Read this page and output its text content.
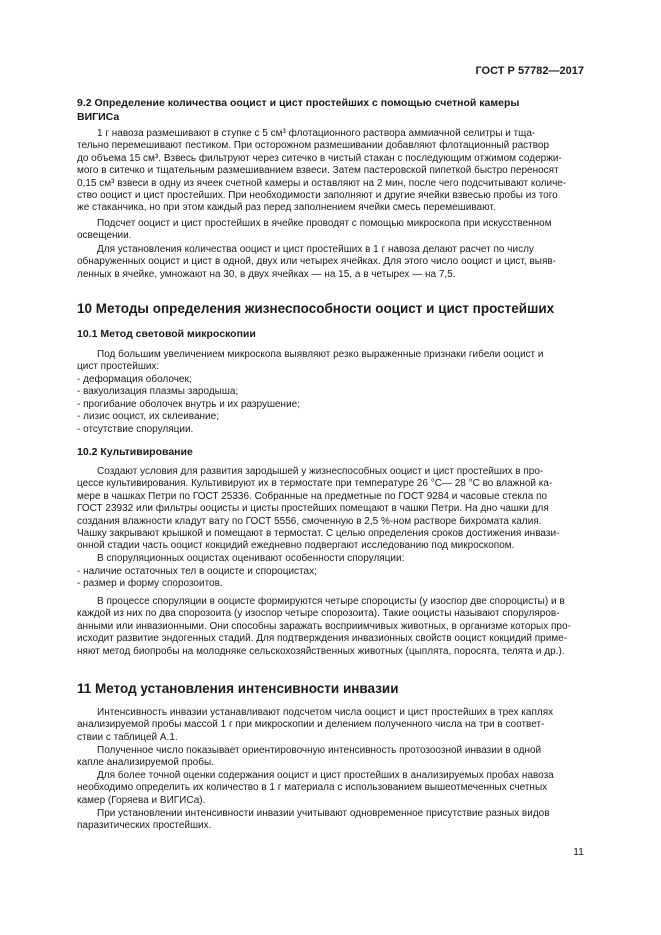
ГОСТ Р 57782—2017

9.2 Определение количества ооцист и цист простейших с помощью счетной камеры

ВИГИСа

1 г навоза размешивают в ступке с 5 см³ флотационного раствора аммиачной селитры и тща-
тельно перемешивают пестиком. При осторожном размешивании добавляют флотационный раствор
до объема 15 см³. Взвесь фильтруют через ситечко в чистый стакан с последующим отжимом содержи-
мого в ситечко и тщательным размешиванием взвеси. Затем пастеровской пипеткой быстро переносят
0,15 см³ взвеси в одну из ячеек счетной камеры и оставляют на 2 мин, после чего подсчитывают количе-
ство ооцист и цист простейших. При необходимости заполняют и другие ячейки взвесью пробы из того
же стаканчика, но при этом каждый раз перед заполнением ячейки смесь перемешивают.
Подсчет ооцист и цист простейших в ячейке проводят с помощью микроскопа при искусственном
освещении.
Для установления количества ооцист и цист простейших в 1 г навоза делают расчет по числу
обнаруженных ооцист и цист в одной, двух или четырех ячейках. Для этого число ооцист и цист, выяв-
ленных в ячейке, умножают на 30, в двух ячейках — на 15, а в четырех — на 7,5.

10 Методы определения жизнеспособности ооцист и цист простейших

10.1 Метод световой микроскопии

Под большим увеличением микроскопа выявляют резко выраженные признаки гибели ооцист и
цист простейших:
- деформация оболочек;
- вакуолизация плазмы зародыша;
- прогибание оболочек внутрь и их разрушение;
- лизис ооцист, их склеивание;
- отсутствие споруляции.

10.2 Культивирование

Создают условия для развития зародышей у жизнеспособных ооцист и цист простейших в про-
цессе культивирования. Культивируют их в термостате при температуре 26 °С— 28 °С во влажной ка-
мере в чашках Петри по ГОСТ 25336. Собранные на предметные по ГОСТ 9284 и часовые стекла по
ГОСТ 23932 или фильтры ооцисты и цисты простейших помещают в чашки Петри. На дно чашки для
создания влажности кладут вату по ГОСТ 5556, смоченную в 2,5 %-ном растворе бихромата калия.
Чашку закрывают крышкой и помещают в термостат. С целью определения сроков достижения инвази-
онной стадии часть ооцист кокцидий ежедневно подвергают исследованию под микроскопом.
В споруляционных ооцистах оценивают особенности споруляции:
- наличие остаточных тел в ооцисте и спороцистах;
- размер и форму спорозоитов.
В процессе споруляции в ооцисте формируются четыре спороцисты (у изоспор две спороцисты) и в
каждой из них по два спорозоита (у изоспор четыре спорозоита). Такие ооцисты называют споруляров-
анными или инвазионными. Они способны заражать восприимчивых животных, в организме которых про-
исходит развитие эндогенных стадий. Для подтверждения инвазионных свойств ооцист кокцидий приме-
няют метод биопробы на молодняке сельскохозяйственных животных (цыплята, поросята, телята и др.).

11 Метод установления интенсивности инвазии

Интенсивность инвазии устанавливают подсчетом числа ооцист и цист простейших в трех каплях
анализируемой пробы массой 1 г при микроскопии и делением полученного числа на три в соответ-
ствии с таблицей А.1.
Полученное число показывает ориентировочную интенсивность протозоозной инвазии в одной
капле анализируемой пробы.
Для более точной оценки содержания ооцист и цист простейших в анализируемых пробах навоза
необходимо определить их количество в 1 г материала с использованием вышеотмеченных счетных
камер (Горяева и ВИГИСа).
При установлении интенсивности инвазии учитывают одновременное присутствие разных видов
паразитических простейших.
11
